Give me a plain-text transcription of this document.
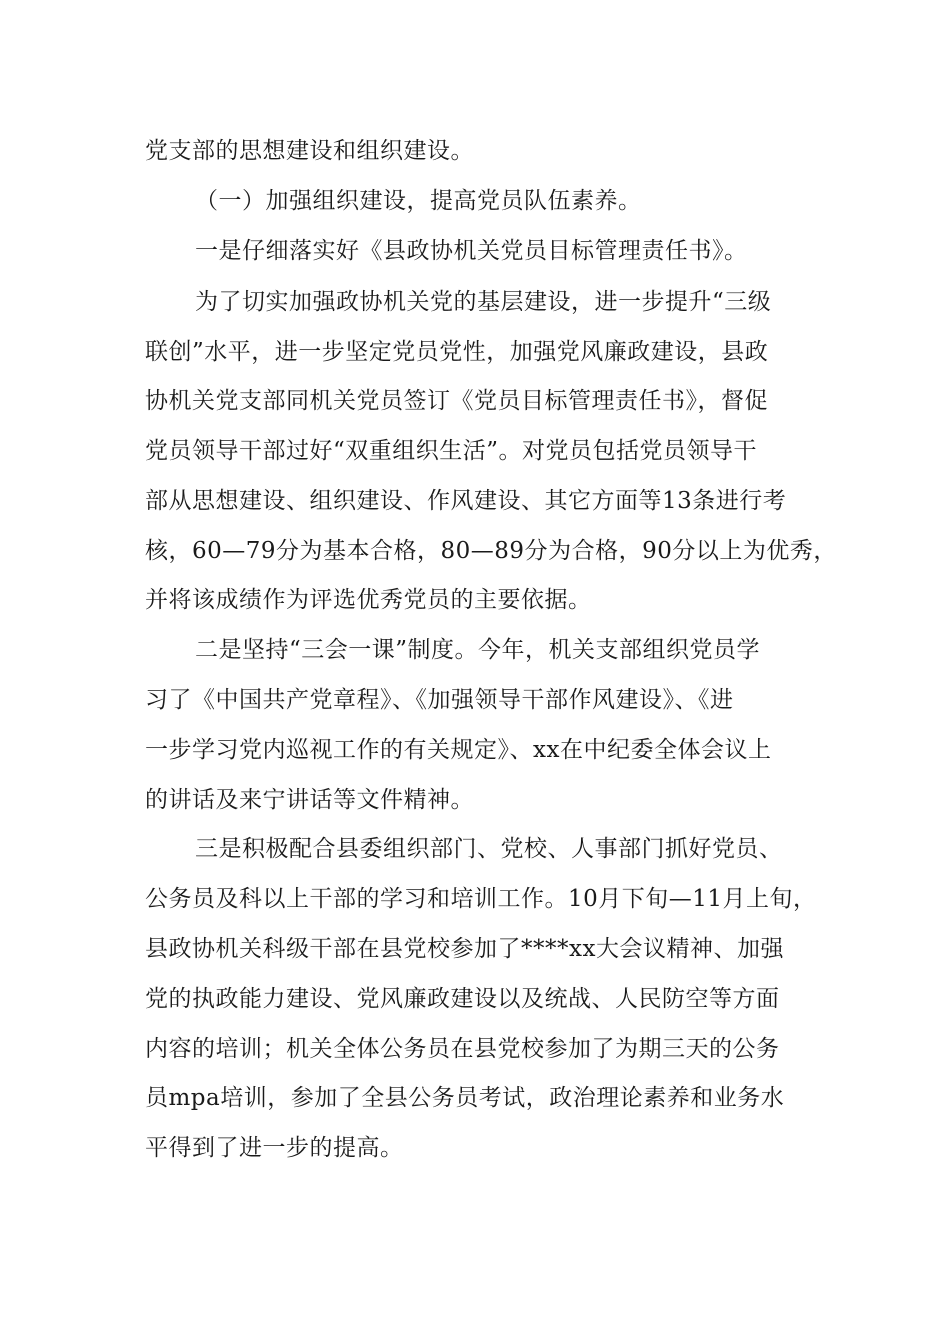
党支部的思想建设和组织建设。
（一）加强组织建设，提高党员队伍素养。
一是仔细落实好《县政协机关党员目标管理责任书》。
为了切实加强政协机关党的基层建设，进一步提升“三级
联创”水平，进一步坚定党员党性，加强党风廉政建设，县政
协机关党支部同机关党员签订《党员目标管理责任书》，督促
党员领导干部过好“双重组织生活”。对党员包括党员领导干
部从思想建设、组织建设、作风建设、其它方面等13条进行考
核，60—79分为基本合格，80—89分为合格，90分以上为优秀，
并将该成绩作为评选优秀党员的主要依据。
二是坚持“三会一课”制度。今年，机关支部组织党员学
习了《中国共产党章程》、《加强领导干部作风建设》、《进
一步学习党内巡视工作的有关规定》、xx在中纪委全体会议上
的讲话及来宁讲话等文件精神。
三是积极配合县委组织部门、党校、人事部门抓好党员、
公务员及科以上干部的学习和培训工作。10月下旬—11月上旬，
县政协机关科级干部在县党校参加了****xx大会议精神、加强
党的执政能力建设、党风廉政建设以及统战、人民防空等方面
内容的培训；机关全体公务员在县党校参加了为期三天的公务
员mpa培训，参加了全县公务员考试，政治理论素养和业务水
平得到了进一步的提高。
